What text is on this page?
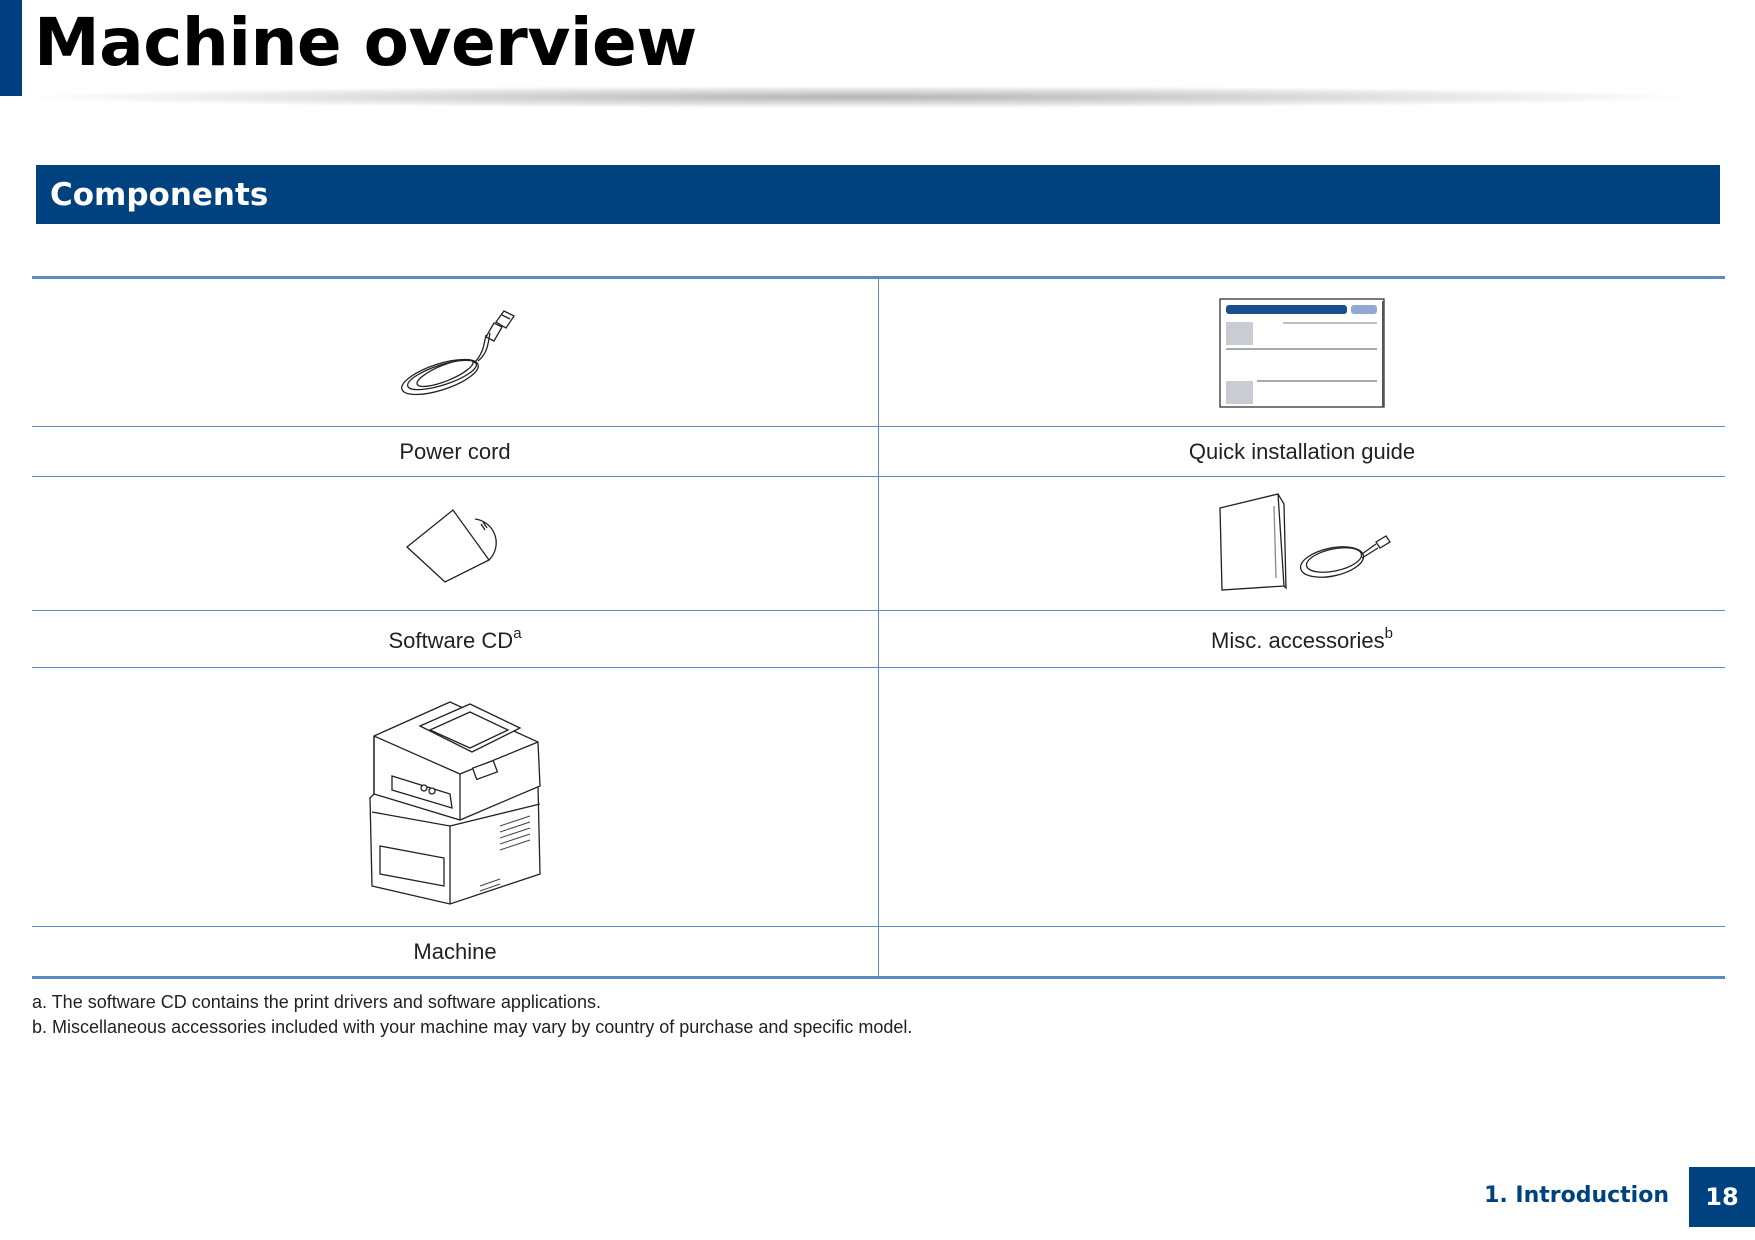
Machine overview
Components

Power cord	Quick installation guide

Software $CD^a$	Misc. accessories$^b$

Machine	
a. The software CD contains the print drivers and software applications.
b. Miscellaneous accessories included with your machine may vary by country of purchase and specific model.
1. Introduction	18
